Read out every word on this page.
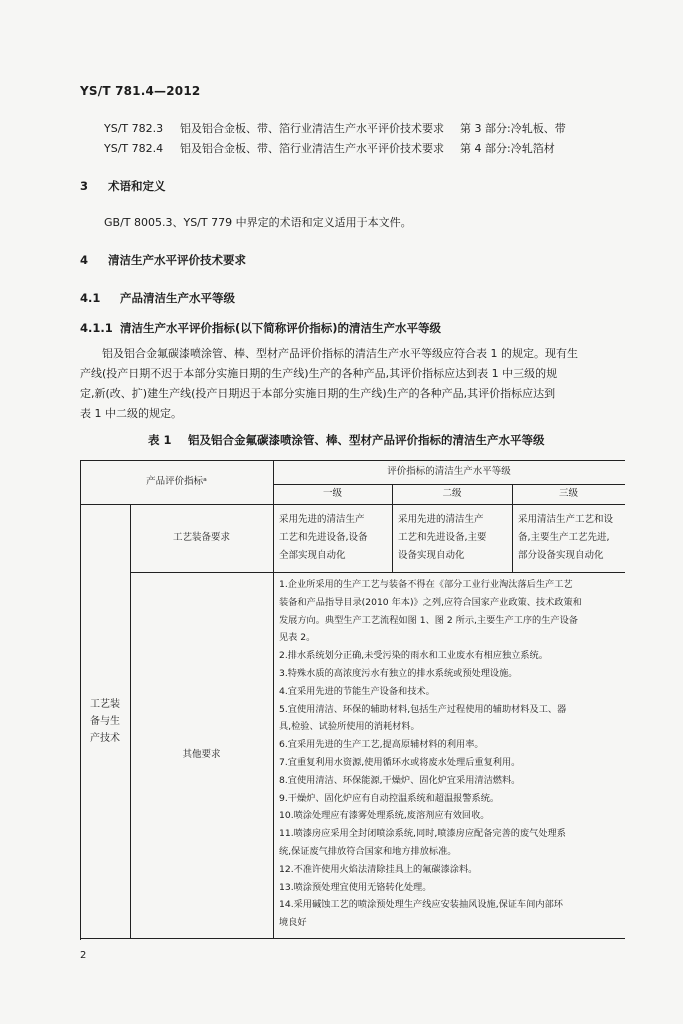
YS/T 781.4—2012
YS/T 782.3 铝及铝合金板、带、箔行业清洁生产水平评价技术要求 第 3 部分:冷轧板、带
YS/T 782.4 铝及铝合金板、带、箔行业清洁生产水平评价技术要求 第 4 部分:冷轧箔材
3 术语和定义
GB/T 8005.3、YS/T 779 中界定的术语和定义适用于本文件。
4 清洁生产水平评价技术要求
4.1 产品清洁生产水平等级
4.1.1 清洁生产水平评价指标(以下简称评价指标)的清洁生产水平等级
铝及铝合金氟碳漆喷涂管、棒、型材产品评价指标的清洁生产水平等级应符合表 1 的规定。现有生
产线(投产日期不迟于本部分实施日期的生产线)生产的各种产品,其评价指标应达到表 1 中三级的规
定,新(改、扩)建生产线(投产日期迟于本部分实施日期的生产线)生产的各种产品,其评价指标应达到
表 1 中二级的规定。
表 1 铝及铝合金氟碳漆喷涂管、棒、型材产品评价指标的清洁生产水平等级
产品评价指标ᵃ
评价指标的清洁生产水平等级
一级	二级	三级
工艺装
备与生
产技术
工艺装备要求
采用先进的清洁生产
工艺和先进设备,设备
全部实现自动化
采用先进的清洁生产
工艺和先进设备,主要
设备实现自动化
采用清洁生产工艺和设
备,主要生产工艺先进,
部分设备实现自动化
其他要求
1.企业所采用的生产工艺与装备不得在《部分工业行业淘汰落后生产工艺
装备和产品指导目录(2010 年本)》之列,应符合国家产业政策、技术政策和
发展方向。典型生产工艺流程如图 1、图 2 所示,主要生产工序的生产设备
见表 2。
2.排水系统划分正确,未受污染的雨水和工业废水有相应独立系统。
3.特殊水质的高浓度污水有独立的排水系统或预处理设施。
4.宜采用先进的节能生产设备和技术。
5.宜使用清洁、环保的辅助材料,包括生产过程使用的辅助材料及工、器
具,检验、试验所使用的消耗材料。
6.宜采用先进的生产工艺,提高原辅材料的利用率。
7.宜重复利用水资源,使用循环水或将废水处理后重复利用。
8.宜使用清洁、环保能源,干燥炉、固化炉宜采用清洁燃料。
9.干燥炉、固化炉应有自动控温系统和超温报警系统。
10.喷涂处理应有漆雾处理系统,废溶剂应有效回收。
11.喷漆房应采用全封闭喷涂系统,同时,喷漆房应配备完善的废气处理系
统,保证废气排放符合国家和地方排放标准。
12.不准许使用火焰法清除挂具上的氟碳漆涂料。
13.喷涂预处理宜使用无铬转化处理。
14.采用碱蚀工艺的喷涂预处理生产线应安装抽风设施,保证车间内部环
境良好
2
